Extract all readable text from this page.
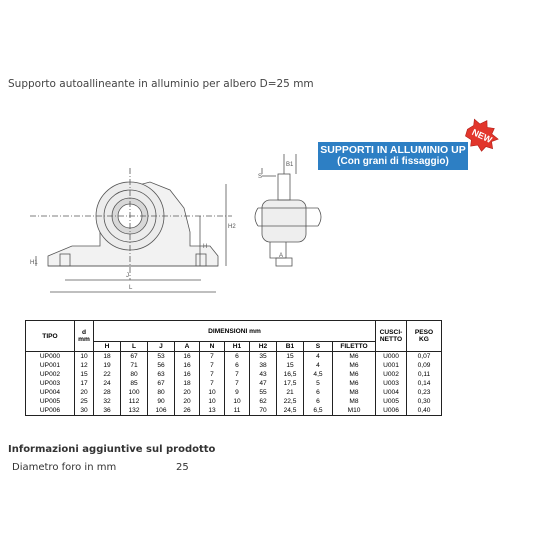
Supporto autoallineante in alluminio per albero D=25 mm
J
L
H
H2
H1
B1
S
A
SUPPORTI IN ALLUMINIO UP
(Con grani di fissaggio)
NEW
TIPO	d
mm	DIMENSIONI mm										CUSCI-NETTO	PESO
KG
		H	L	J	A	N	H1	H2	B1	S	FILETTO		
UP000	10	18	67	53	16	7	6	35	15	4	M6	U000	0,07
UP001	12	19	71	56	16	7	6	38	15	4	M6	U001	0,09
UP002	15	22	80	63	16	7	7	43	16,5	4,5	M6	U002	0,11
UP003	17	24	85	67	18	7	7	47	17,5	5	M6	U003	0,14
UP004	20	28	100	80	20	10	9	55	21	6	M8	U004	0,23
UP005	25	32	112	90	20	10	10	62	22,5	6	M8	U005	0,30
UP006	30	36	132	106	26	13	11	70	24,5	6,5	M10	U006	0,40
Informazioni aggiuntive sul prodotto
Diametro foro in mm	25
